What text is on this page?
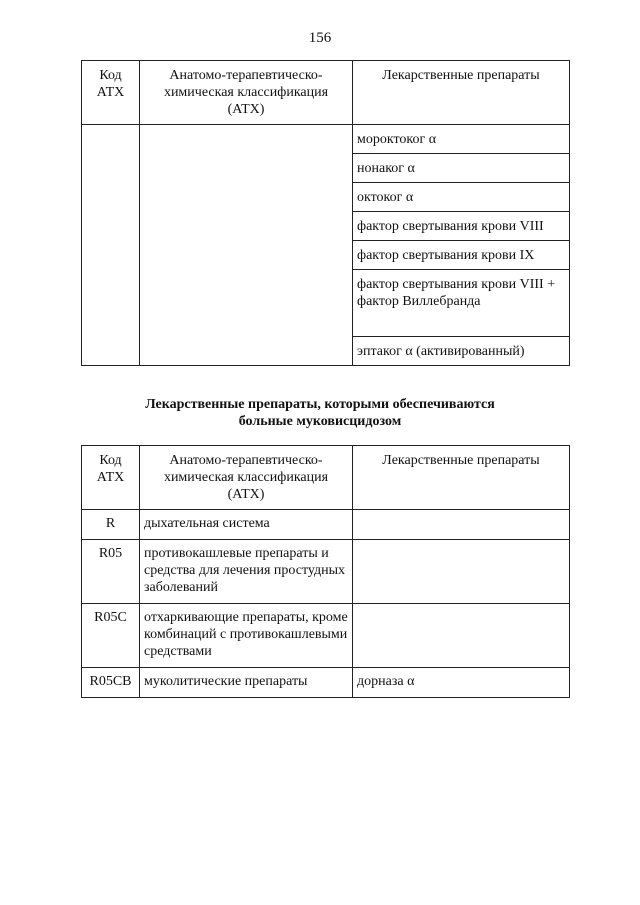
156
Код АТХ	Анатомо-терапевтическо-химическая классификация (АТХ)	Лекарственные препараты
		мороктоког α
		нонаког α
		октоког α
		фактор свертывания крови VIII
		фактор свертывания крови IX
		фактор свертывания крови VIII + фактор Виллебранда
		эптаког α (активированный)
Лекарственные препараты, которыми обеспечиваются
больные муковисцидозом
Код АТХ	Анатомо-терапевтическо-химическая классификация (АТХ)	Лекарственные препараты
R	дыхательная система	
R05	противокашлевые препараты и средства для лечения простудных заболеваний	
R05C	отхаркивающие препараты, кроме комбинаций с противокашлевыми средствами	
R05CB	муколитические препараты	дорназа α
